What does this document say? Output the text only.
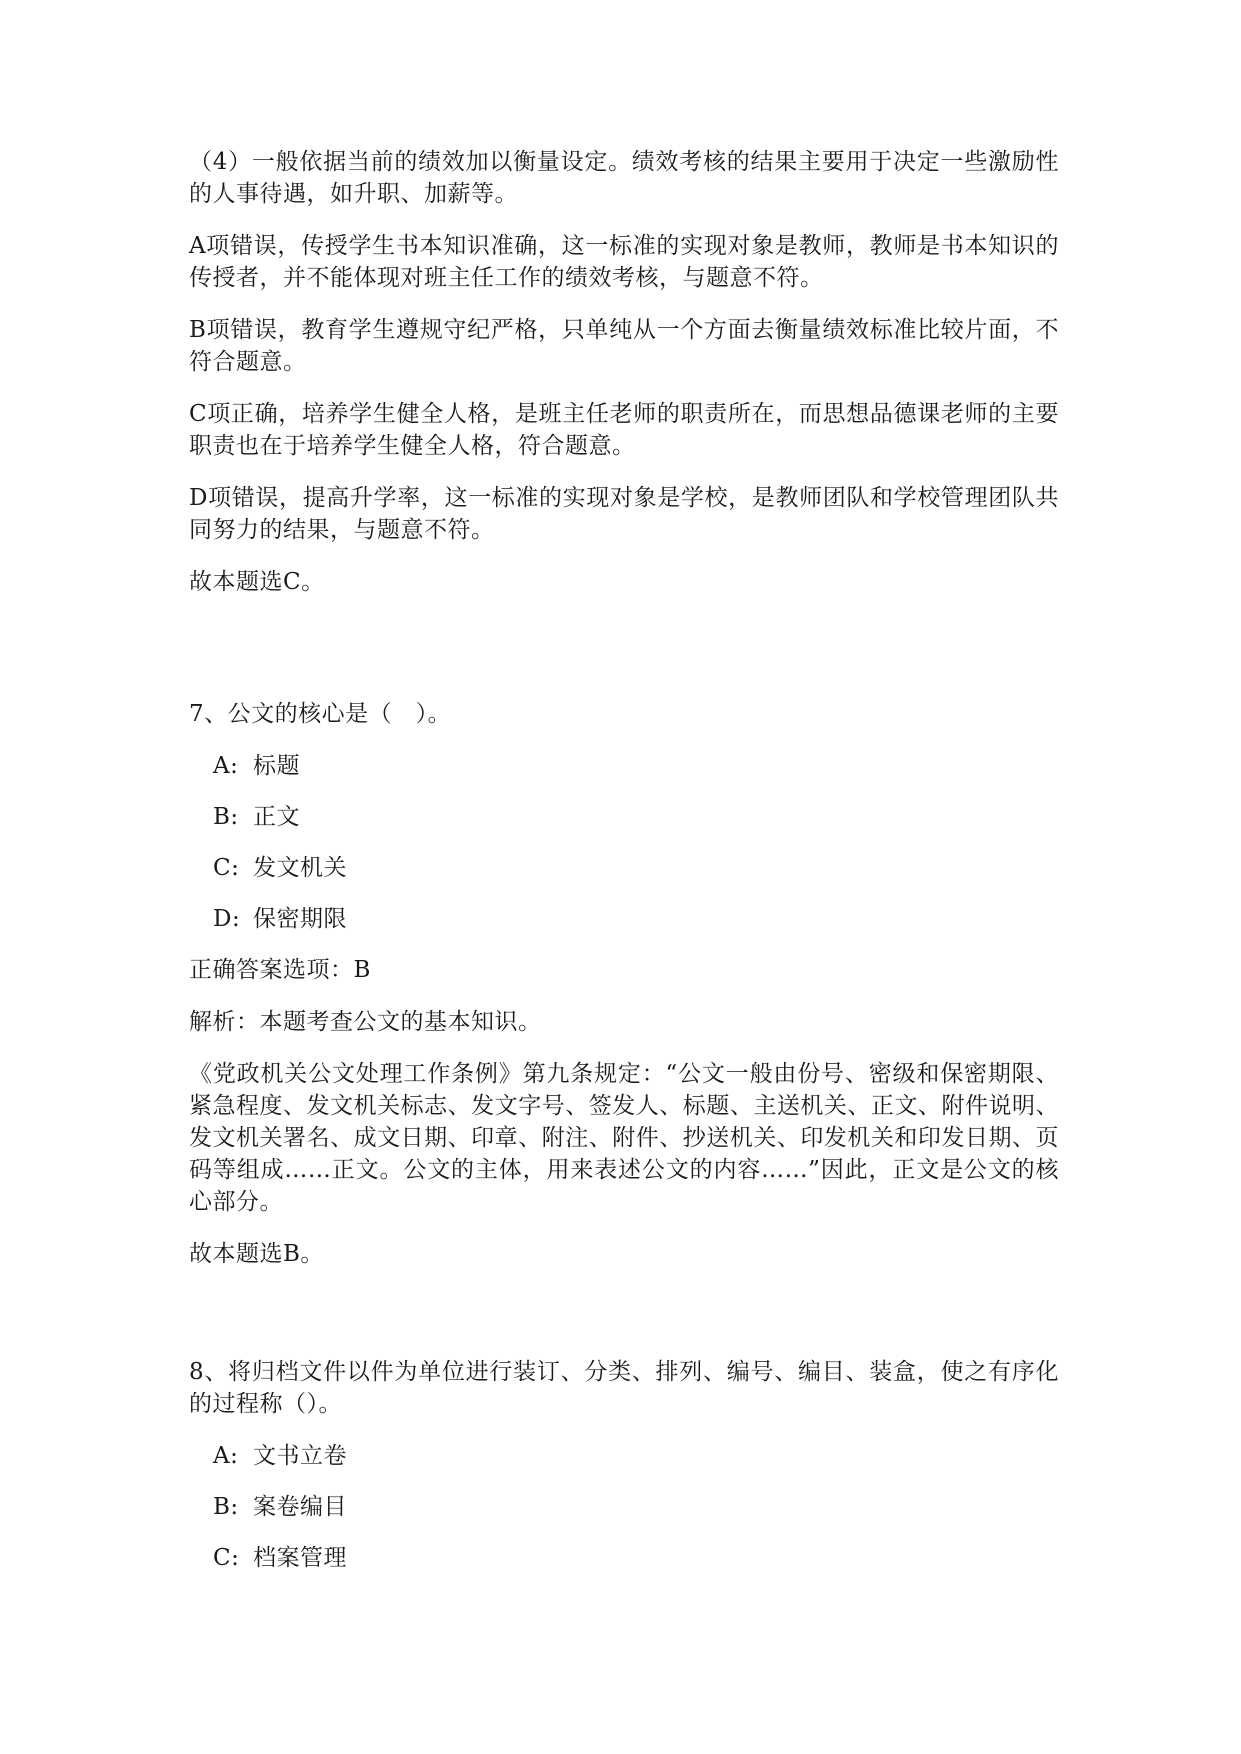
（4）一般依据当前的绩效加以衡量设定。绩效考核的结果主要用于决定一些激励性的人事待遇，如升职、加薪等。

A项错误，传授学生书本知识准确，这一标准的实现对象是教师，教师是书本知识的传授者，并不能体现对班主任工作的绩效考核，与题意不符。

B项错误，教育学生遵规守纪严格，只单纯从一个方面去衡量绩效标准比较片面，不符合题意。

C项正确，培养学生健全人格，是班主任老师的职责所在，而思想品德课老师的主要职责也在于培养学生健全人格，符合题意。

D项错误，提高升学率，这一标准的实现对象是学校，是教师团队和学校管理团队共同努力的结果，与题意不符。

故本题选C。

7、公文的核心是（　）。

A: 标题
B: 正文
C: 发文机关
D: 保密期限

正确答案选项：B

解析：本题考查公文的基本知识。

《党政机关公文处理工作条例》第九条规定：“公文一般由份号、密级和保密期限、紧急程度、发文机关标志、发文字号、签发人、标题、主送机关、正文、附件说明、发文机关署名、成文日期、印章、附注、附件、抄送机关、印发机关和印发日期、页码等组成……正文。公文的主体，用来表述公文的内容……”因此，正文是公文的核心部分。

故本题选B。

8、将归档文件以件为单位进行装订、分类、排列、编号、编目、装盒，使之有序化的过程称（）。

A: 文书立卷
B: 案卷编目
C: 档案管理
